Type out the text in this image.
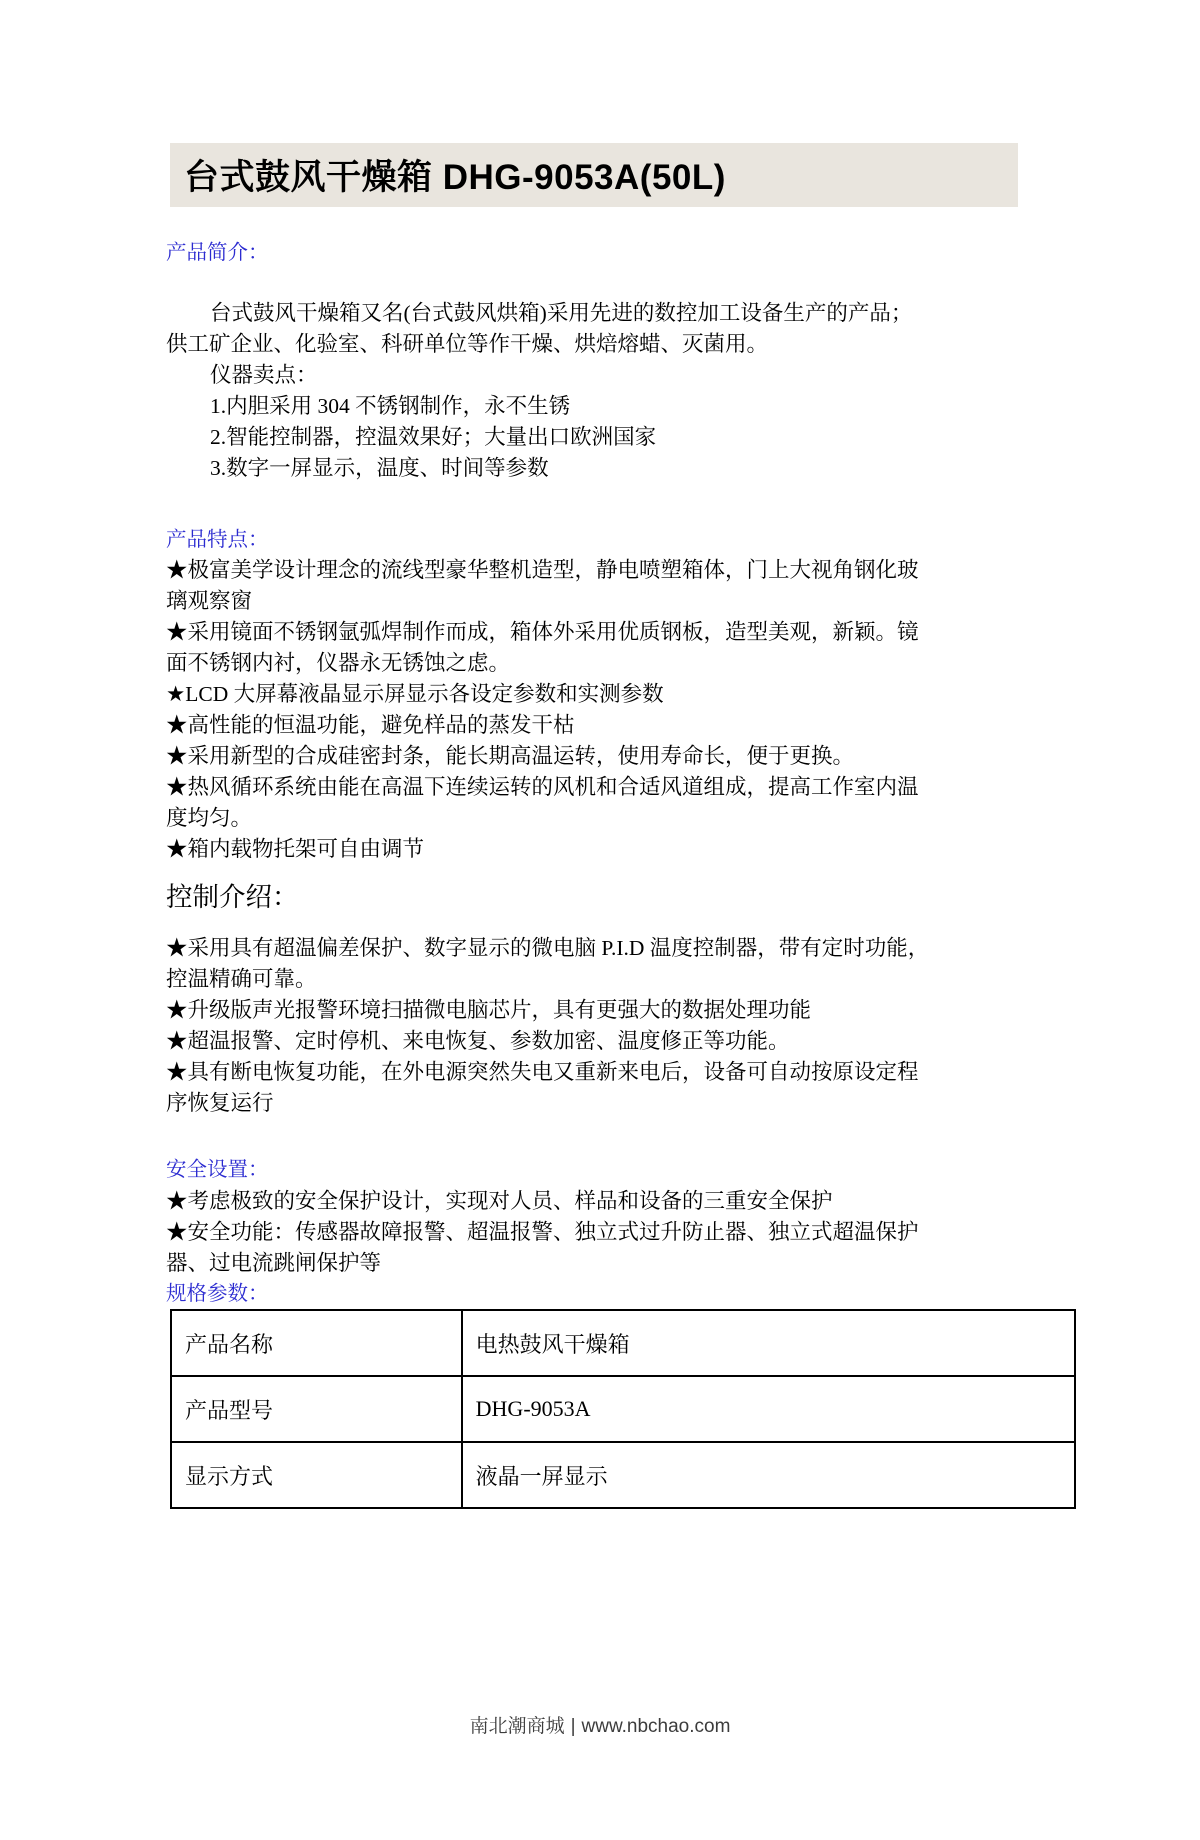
台式鼓风干燥箱 DHG-9053A(50L)
产品简介：
台式鼓风干燥箱又名(台式鼓风烘箱)采用先进的数控加工设备生产的产品；
供工矿企业、化验室、科研单位等作干燥、烘焙熔蜡、灭菌用。
仪器卖点：
1.内胆采用 304 不锈钢制作，永不生锈
2.智能控制器，控温效果好；大量出口欧洲国家
3.数字一屏显示，温度、时间等参数
产品特点：
★极富美学设计理念的流线型豪华整机造型，静电喷塑箱体，门上大视角钢化玻
璃观察窗
★采用镜面不锈钢氩弧焊制作而成，箱体外采用优质钢板，造型美观，新颖。镜
面不锈钢内衬，仪器永无锈蚀之虑。
★LCD 大屏幕液晶显示屏显示各设定参数和实测参数
★高性能的恒温功能，避免样品的蒸发干枯
★采用新型的合成硅密封条，能长期高温运转，使用寿命长，便于更换。
★热风循环系统由能在高温下连续运转的风机和合适风道组成，提高工作室内温
度均匀。
★箱内载物托架可自由调节
控制介绍：
★采用具有超温偏差保护、数字显示的微电脑 P.I.D 温度控制器，带有定时功能，
控温精确可靠。
★升级版声光报警环境扫描微电脑芯片，具有更强大的数据处理功能
★超温报警、定时停机、来电恢复、参数加密、温度修正等功能。
★具有断电恢复功能，在外电源突然失电又重新来电后，设备可自动按原设定程
序恢复运行
安全设置：
★考虑极致的安全保护设计，实现对人员、样品和设备的三重安全保护
★安全功能：传感器故障报警、超温报警、独立式过升防止器、独立式超温保护
器、过电流跳闸保护等
规格参数：
产品名称	电热鼓风干燥箱
产品型号	DHG-9053A
显示方式	液晶一屏显示
南北潮商城 | www.nbchao.com
